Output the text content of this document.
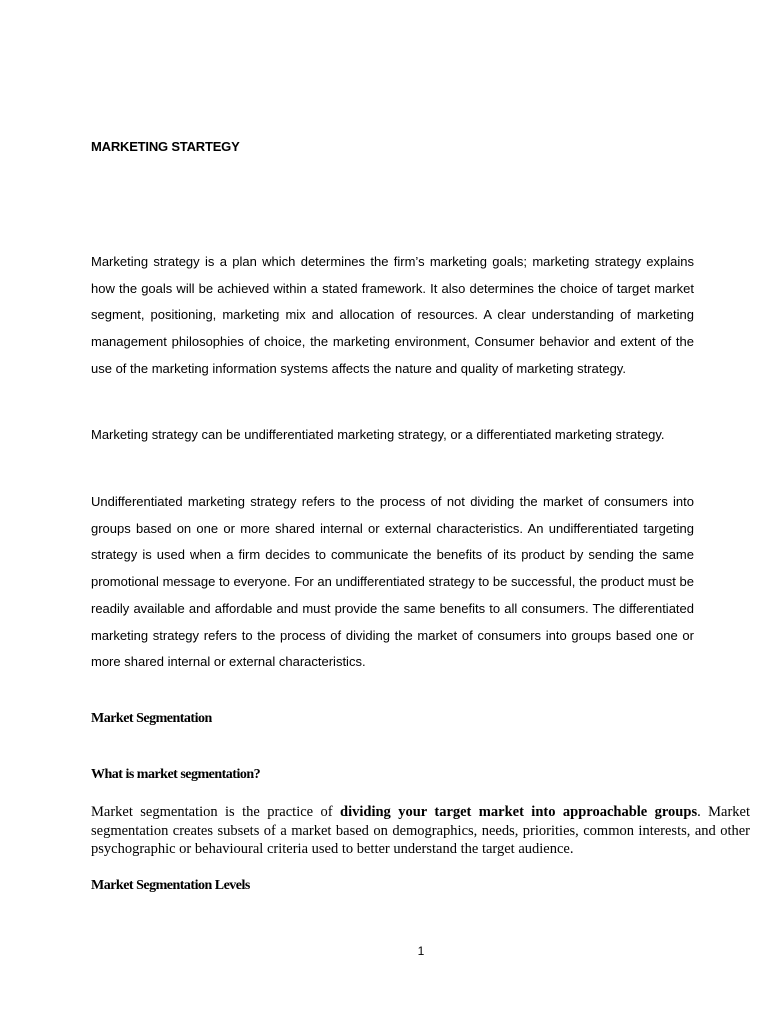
MARKETING STARTEGY

Marketing strategy is a plan which determines the firm’s marketing goals; marketing strategy explains how the goals will be achieved within a stated framework. It also determines the choice of target market segment, positioning, marketing mix and allocation of resources. A clear understanding of marketing management philosophies of choice, the marketing environment, Consumer behavior and extent of the use of the marketing information systems affects the nature and quality of marketing strategy.

Marketing strategy can be undifferentiated marketing strategy, or a differentiated marketing strategy.

Undifferentiated marketing strategy refers to the process of not dividing the market of consumers into groups based on one or more shared internal or external characteristics. An undifferentiated targeting strategy is used when a firm decides to communicate the benefits of its product by sending the same promotional message to everyone. For an undifferentiated strategy to be successful, the product must be readily available and affordable and must provide the same benefits to all consumers. The differentiated marketing strategy refers to the process of dividing the market of consumers into groups based one or more shared internal or external characteristics.

Market Segmentation
What is market segmentation?

Market segmentation is the practice of dividing your target market into approachable groups. Market segmentation creates subsets of a market based on demographics, needs, priorities, common interests, and other psychographic or behavioural criteria used to better understand the target audience.

Market Segmentation Levels
1
